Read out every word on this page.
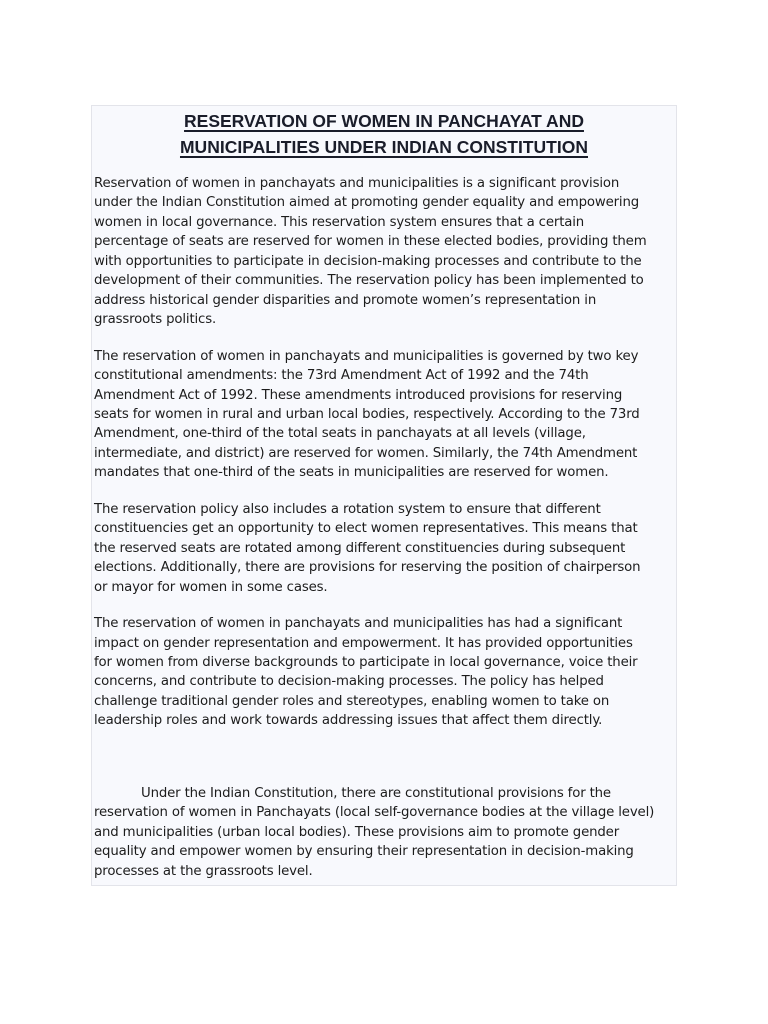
RESERVATION OF WOMEN IN PANCHAYAT AND
MUNICIPALITIES UNDER INDIAN CONSTITUTION

Reservation of women in panchayats and municipalities is a significant provision
under the Indian Constitution aimed at promoting gender equality and empowering
women in local governance. This reservation system ensures that a certain
percentage of seats are reserved for women in these elected bodies, providing them
with opportunities to participate in decision-making processes and contribute to the
development of their communities. The reservation policy has been implemented to
address historical gender disparities and promote women’s representation in
grassroots politics.

The reservation of women in panchayats and municipalities is governed by two key
constitutional amendments: the 73rd Amendment Act of 1992 and the 74th
Amendment Act of 1992. These amendments introduced provisions for reserving
seats for women in rural and urban local bodies, respectively. According to the 73rd
Amendment, one-third of the total seats in panchayats at all levels (village,
intermediate, and district) are reserved for women. Similarly, the 74th Amendment
mandates that one-third of the seats in municipalities are reserved for women.

The reservation policy also includes a rotation system to ensure that different
constituencies get an opportunity to elect women representatives. This means that
the reserved seats are rotated among different constituencies during subsequent
elections. Additionally, there are provisions for reserving the position of chairperson
or mayor for women in some cases.

The reservation of women in panchayats and municipalities has had a significant
impact on gender representation and empowerment. It has provided opportunities
for women from diverse backgrounds to participate in local governance, voice their
concerns, and contribute to decision-making processes. The policy has helped
challenge traditional gender roles and stereotypes, enabling women to take on
leadership roles and work towards addressing issues that affect them directly.

Under the Indian Constitution, there are constitutional provisions for the
reservation of women in Panchayats (local self-governance bodies at the village level)
and municipalities (urban local bodies). These provisions aim to promote gender
equality and empower women by ensuring their representation in decision-making
processes at the grassroots level.
